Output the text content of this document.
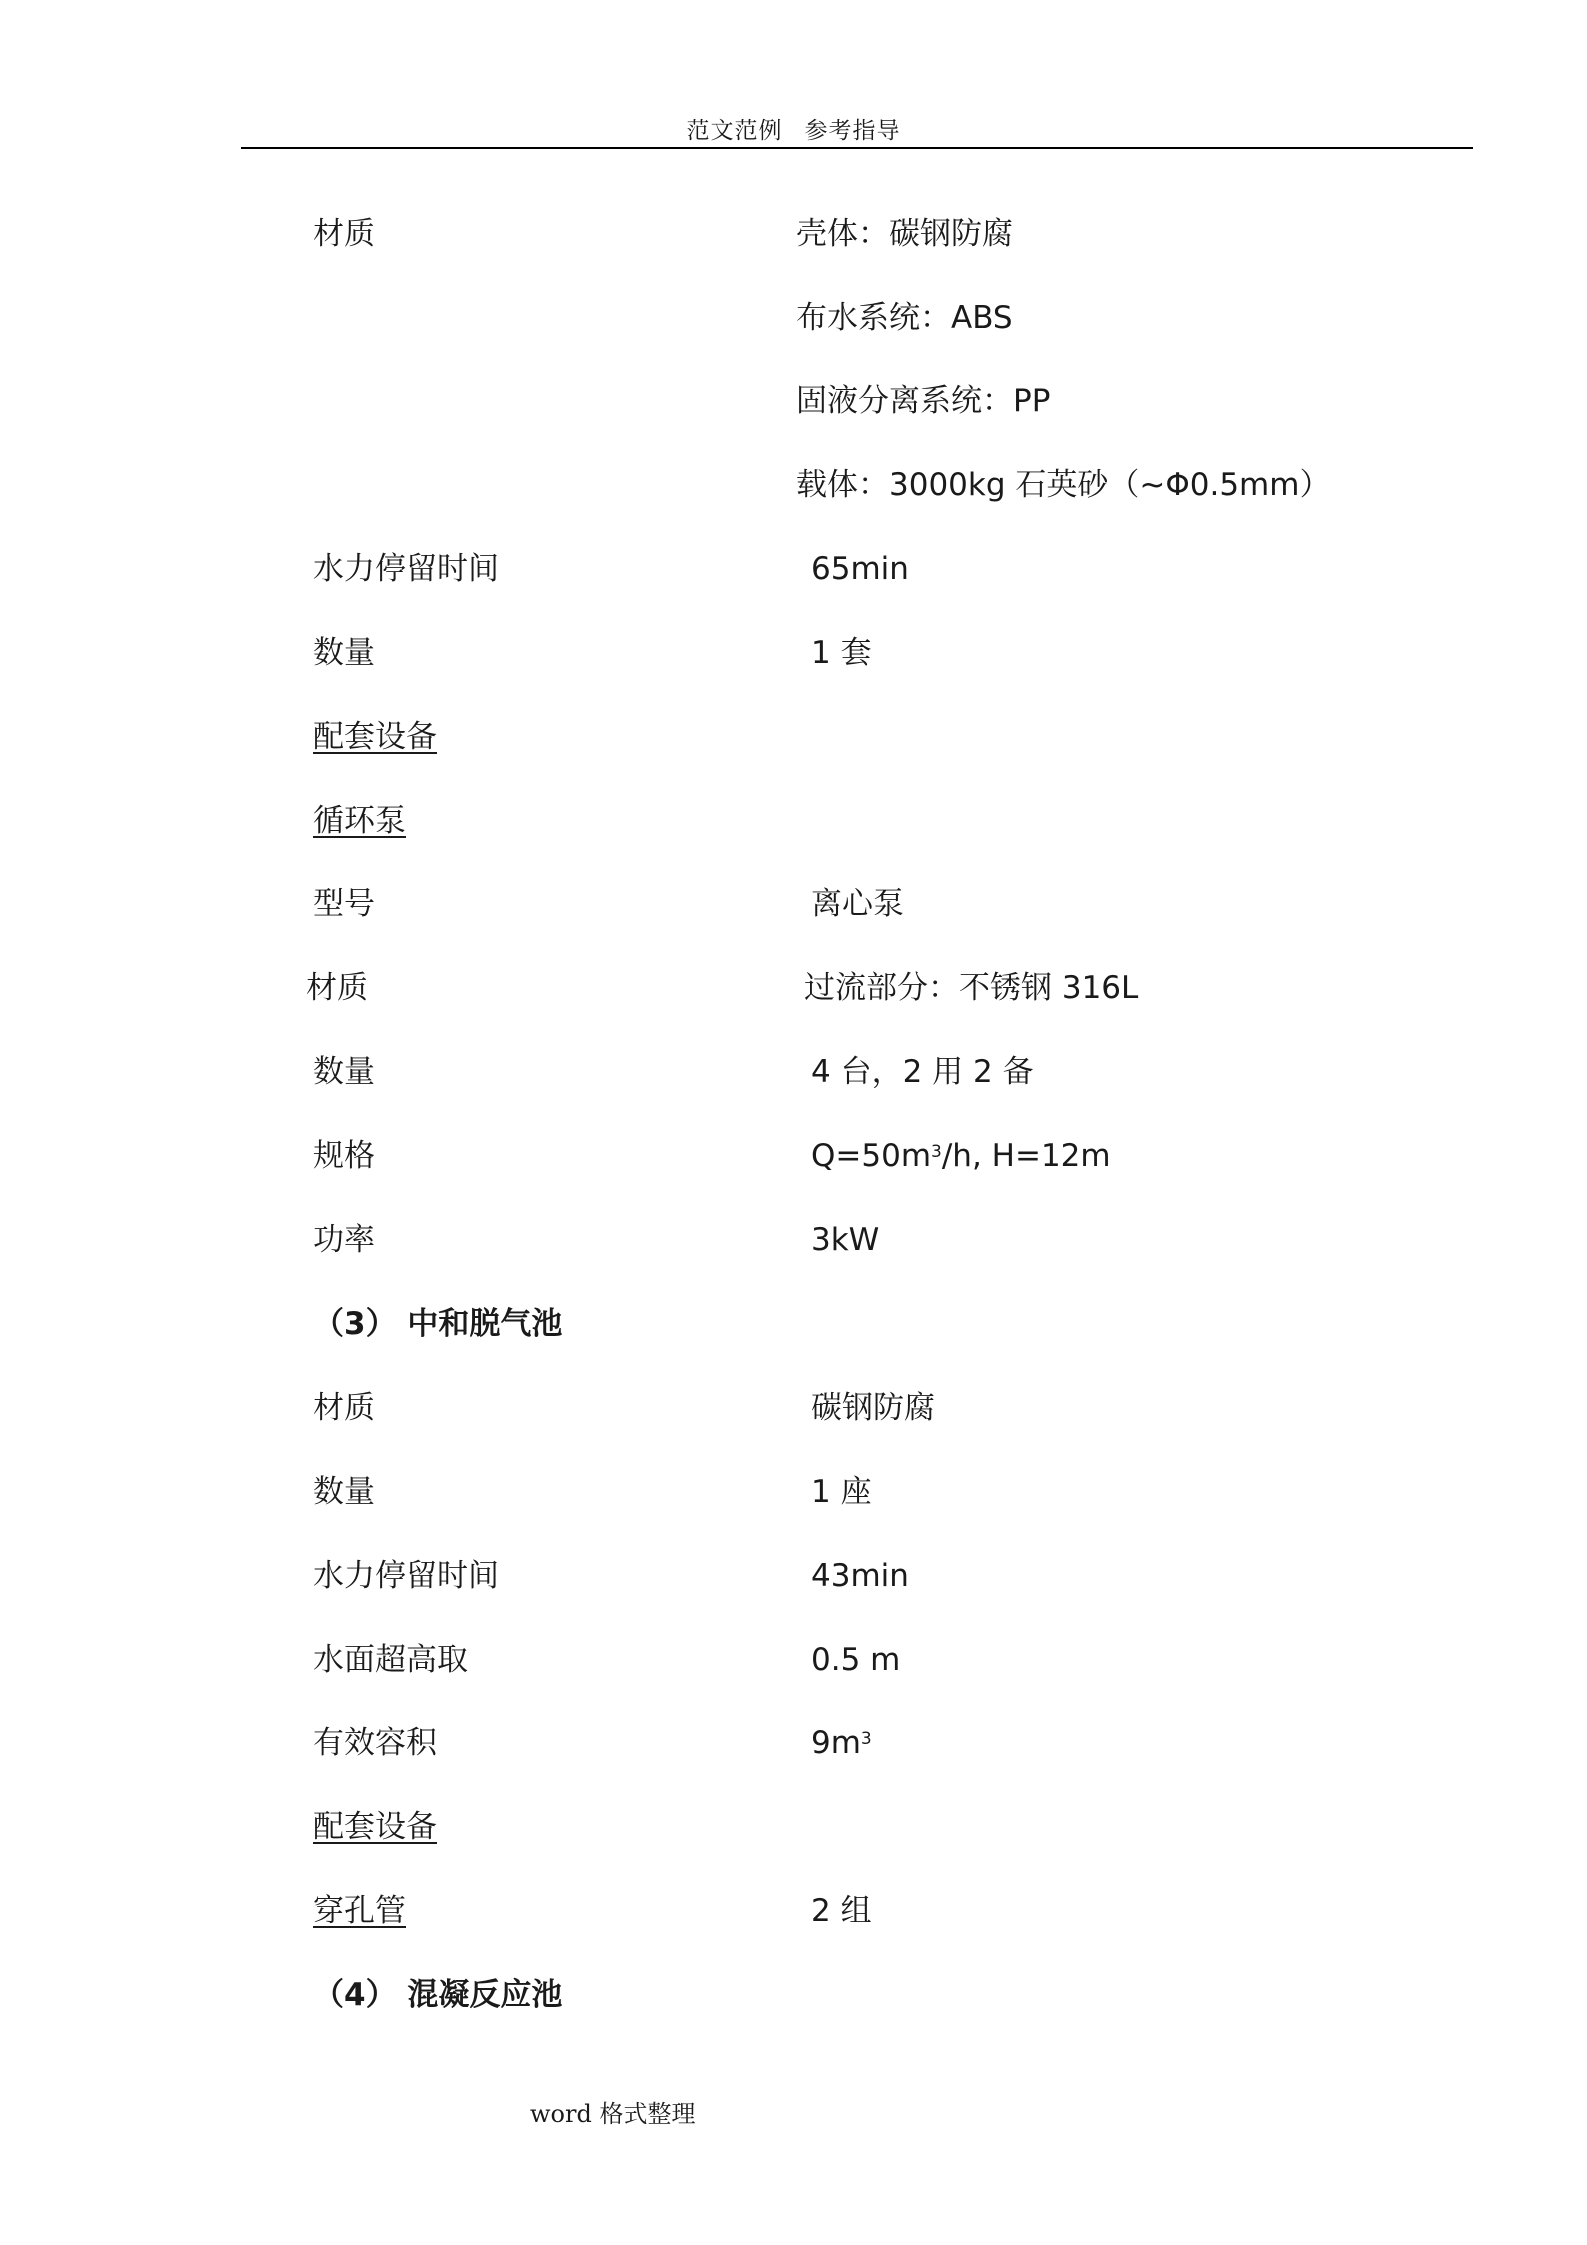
范文范例 参考指导
材质	壳体：碳钢防腐
布水系统：ABS
固液分离系统：PP
载体：3000kg 石英砂（~Φ0.5mm）
水力停留时间	65min
数量	1 套
配套设备
循环泵
型号	离心泵
材质	过流部分：不锈钢 316L
数量	4 台，2 用 2 备
规格	$Q=50m^3/h$, H=12m
功率	3kW
（3） 中和脱气池
材质	碳钢防腐
数量	1 座
水力停留时间	43min
水面超高取	0.5 m
有效容积	$9m^3$
配套设备
穿孔管	2 组
（4） 混凝反应池
word 格式整理
